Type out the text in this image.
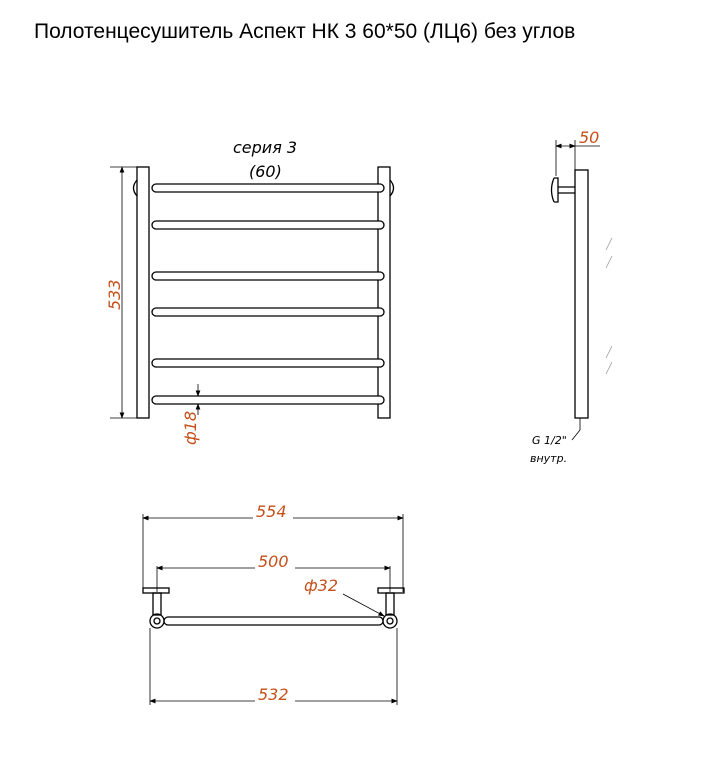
Полотенцесушитель Аспект НК 3 60*50 (ЛЦ6) без углов
533
ф18
серия 3
(60)
50
G 1/2"
внутр.
554
500
ф32
532
